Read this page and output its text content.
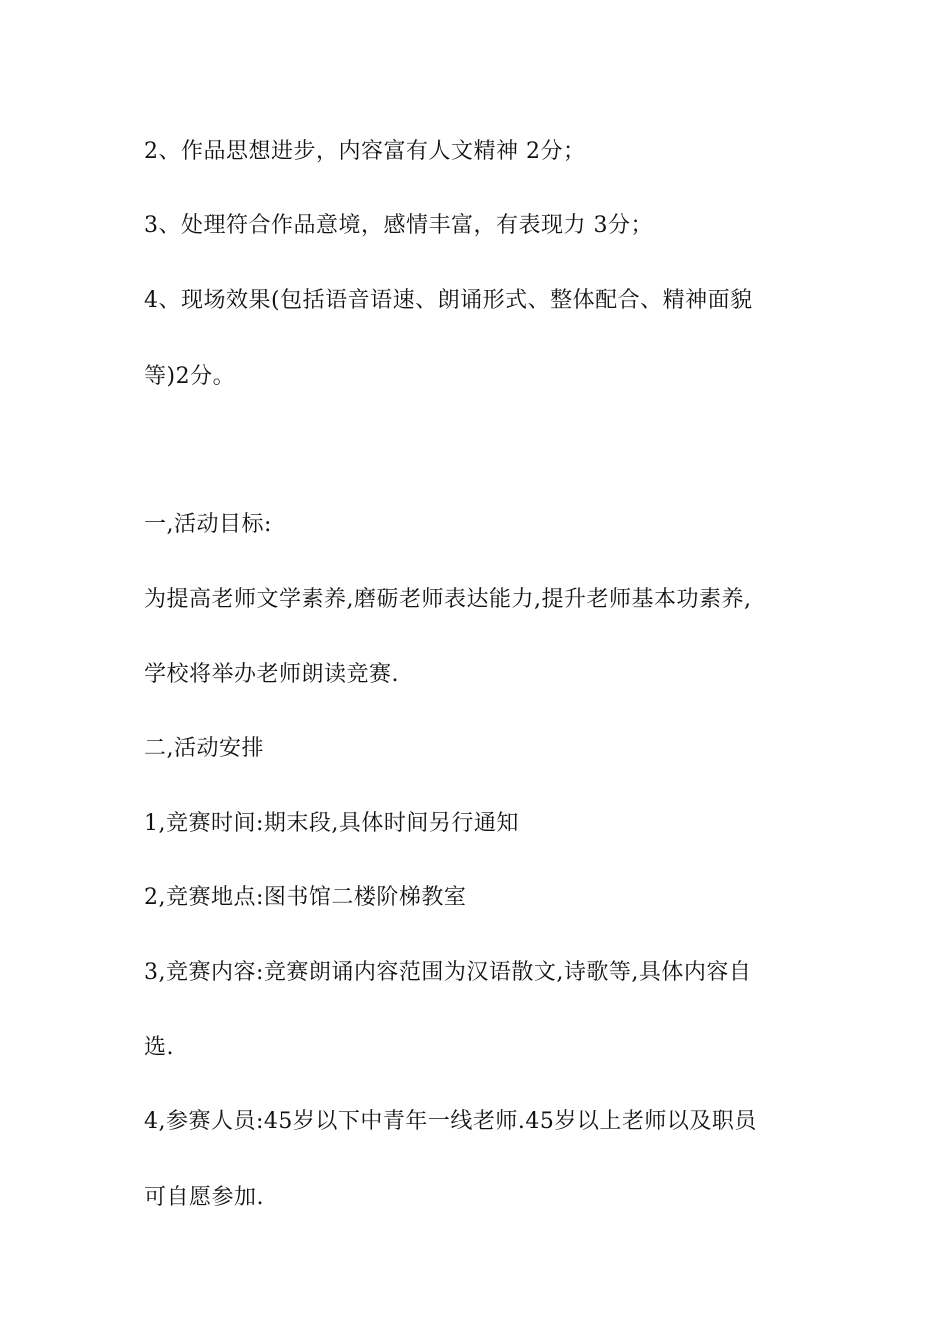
2、作品思想进步，内容富有人文精神 2分；
3、处理符合作品意境，感情丰富，有表现力 3分；
4、现场效果(包括语音语速、朗诵形式、整体配合、精神面貌
等)2分。
一,活动目标:
为提高老师文学素养,磨砺老师表达能力,提升老师基本功素养,
学校将举办老师朗读竞赛.
二,活动安排
1,竞赛时间:期末段,具体时间另行通知
2,竞赛地点:图书馆二楼阶梯教室
3,竞赛内容:竞赛朗诵内容范围为汉语散文,诗歌等,具体内容自
选.
4,参赛人员:45岁以下中青年一线老师.45岁以上老师以及职员
可自愿参加.
